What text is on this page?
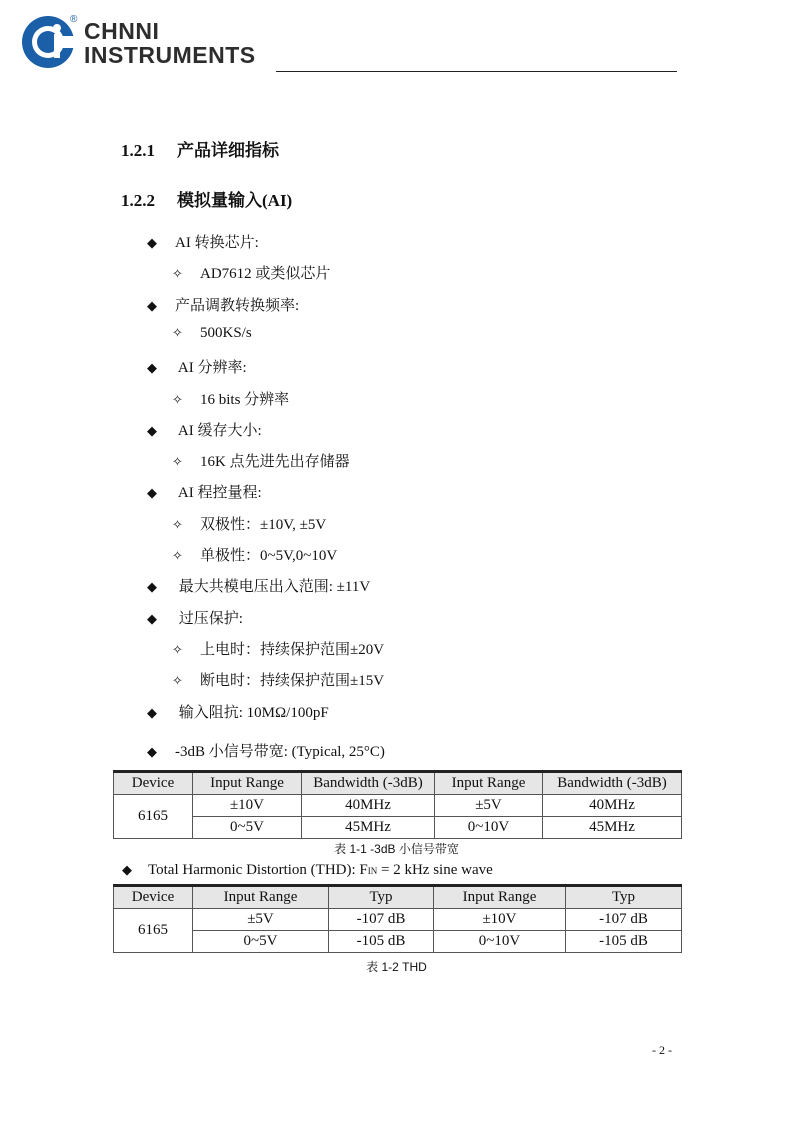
® CHNNI
INSTRUMENTS
1.2.1 产品详细指标
1.2.2 模拟量输入(AI)
◆ AI 转换芯片:
✧ AD7612 或类似芯片
◆ 产品调教转换频率:
✧ 500KS/s
◆ AI 分辨率:
✧ 16 bits 分辨率
◆ AI 缓存大小:
✧ 16K 点先进先出存储器
◆ AI 程控量程:
✧ 双极性：±10V, ±5V
✧ 单极性：0~5V,0~10V
◆ 最大共模电压出入范围: ±11V
◆ 过压保护:
✧ 上电时：持续保护范围±20V
✧ 断电时：持续保护范围±15V
◆ 输入阻抗: 10MΩ/100pF
◆ -3dB 小信号带宽: (Typical, 25°C)
Device	Input Range	Bandwidth (-3dB)	Input Range	Bandwidth (-3dB)
6165	±10V	40MHz	±5V	40MHz
	0~5V	45MHz	0~10V	45MHz
表 1-1 -3dB 小信号带宽
◆ Total Harmonic Distortion (THD): FIN = 2 kHz sine wave
Device	Input Range	Typ	Input Range	Typ
6165	±5V	-107 dB	±10V	-107 dB
	0~5V	-105 dB	0~10V	-105 dB
表 1-2 THD
- 2 -
